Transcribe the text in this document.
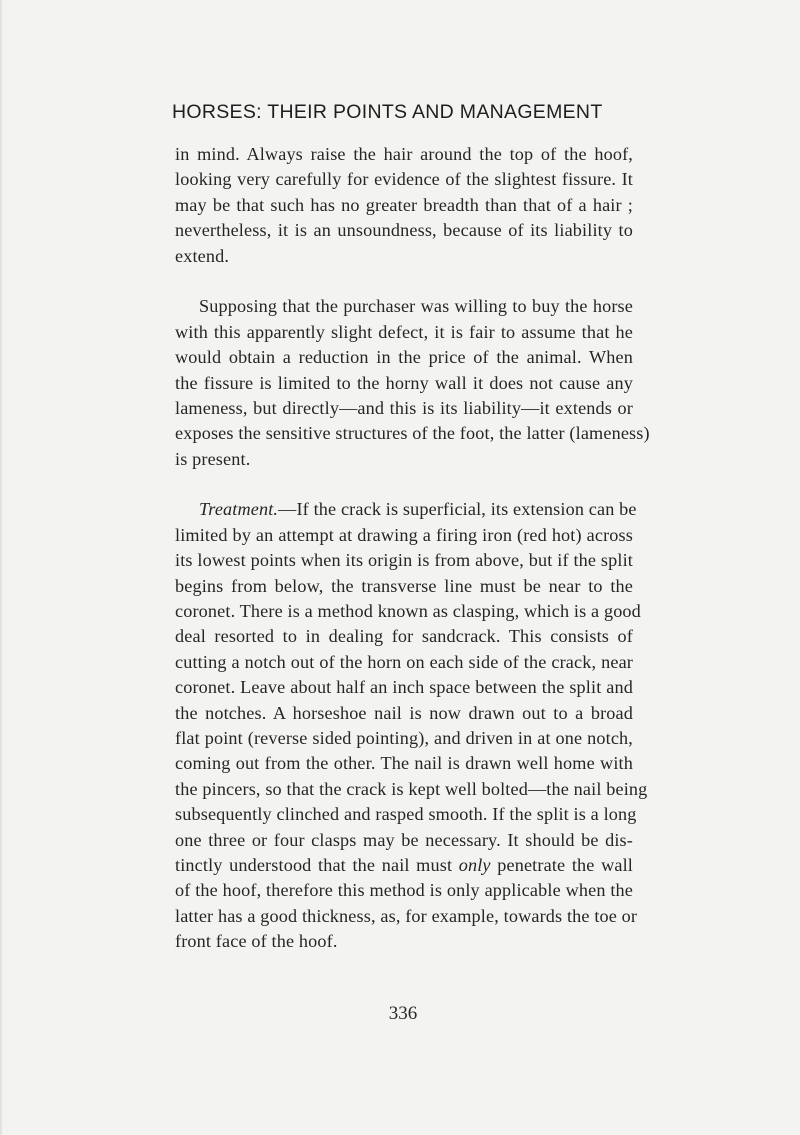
HORSES: THEIR POINTS AND MANAGEMENT
in mind. Always raise the hair around the top of the hoof,
looking very carefully for evidence of the slightest fissure. It
may be that such has no greater breadth than that of a hair ;
nevertheless, it is an unsoundness, because of its liability to
extend.
Supposing that the purchaser was willing to buy the horse
with this apparently slight defect, it is fair to assume that he
would obtain a reduction in the price of the animal. When
the fissure is limited to the horny wall it does not cause any
lameness, but directly—and this is its liability—it extends or
exposes the sensitive structures of the foot, the latter (lameness)
is present.
Treatment.—If the crack is superficial, its extension can be
limited by an attempt at drawing a firing iron (red hot) across
its lowest points when its origin is from above, but if the split
begins from below, the transverse line must be near to the
coronet. There is a method known as clasping, which is a good
deal resorted to in dealing for sandcrack. This consists of
cutting a notch out of the horn on each side of the crack, near
coronet. Leave about half an inch space between the split and
the notches. A horseshoe nail is now drawn out to a broad
flat point (reverse sided pointing), and driven in at one notch,
coming out from the other. The nail is drawn well home with
the pincers, so that the crack is kept well bolted—the nail being
subsequently clinched and rasped smooth. If the split is a long
one three or four clasps may be necessary. It should be dis-
tinctly understood that the nail must only penetrate the wall
of the hoof, therefore this method is only applicable when the
latter has a good thickness, as, for example, towards the toe or
front face of the hoof.
336
